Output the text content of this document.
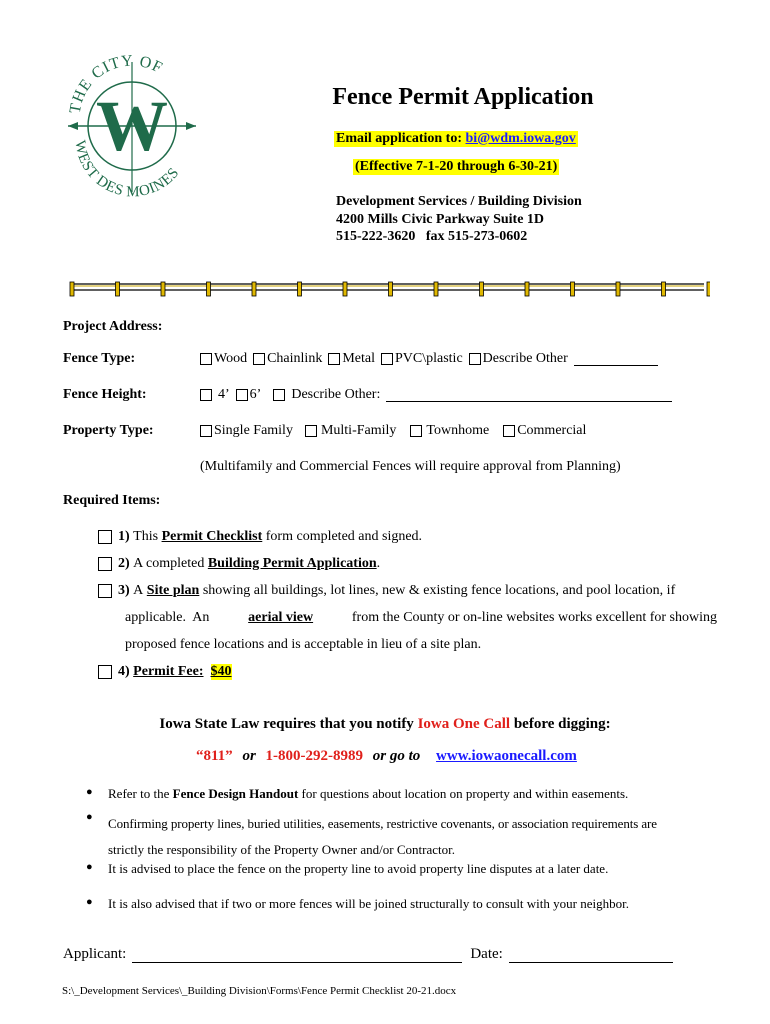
W
THE CITY OF
WEST DES MOINES
Fence Permit Application
Email application to: bi@wdm.iowa.gov
(Effective 7-1-20 through 6-30-21)
Development Services / Building Division
4200 Mills Civic Parkway Suite 1D
515-222-3620   fax 515-273-0602
Project Address:
Fence Type:	Wood Chainlink Metal PVC\plastic Describe Other
Fence Height:	4’ 6’ Describe Other:
Property Type:	Single Family Multi-Family Townhome Commercial
(Multifamily and Commercial Fences will require approval from Planning)
Required Items:
1)
This
Permit Checklist
form completed and signed.
2)
A completed
Building Permit Application .
3)
A
Site plan
showing all buildings, lot lines, new & existing fence locations, and pool location, if
applicable.  An	aerial view	from the County or on-line websites works excellent for showing
proposed fence locations and is acceptable in lieu of a site plan.
4)
Permit Fee:
$40
Iowa State Law requires that you notify Iowa One Call before digging:
“811” or 1-800-292-8989 or go to www.iowaonecall.com
● Refer to the Fence Design Handout for questions about location on property and within easements.
● Confirming property lines, buried utilities, easements, restrictive covenants, or association requirements are
strictly the responsibility of the Property Owner and/or Contractor.
● It is advised to place the fence on the property line to avoid property line disputes at a later date.
● It is also advised that if two or more fences will be joined structurally to consult with your neighbor.
Applicant:	Date:
S:\_Development Services\_Building Division\Forms\Fence Permit Checklist 20-21.docx
